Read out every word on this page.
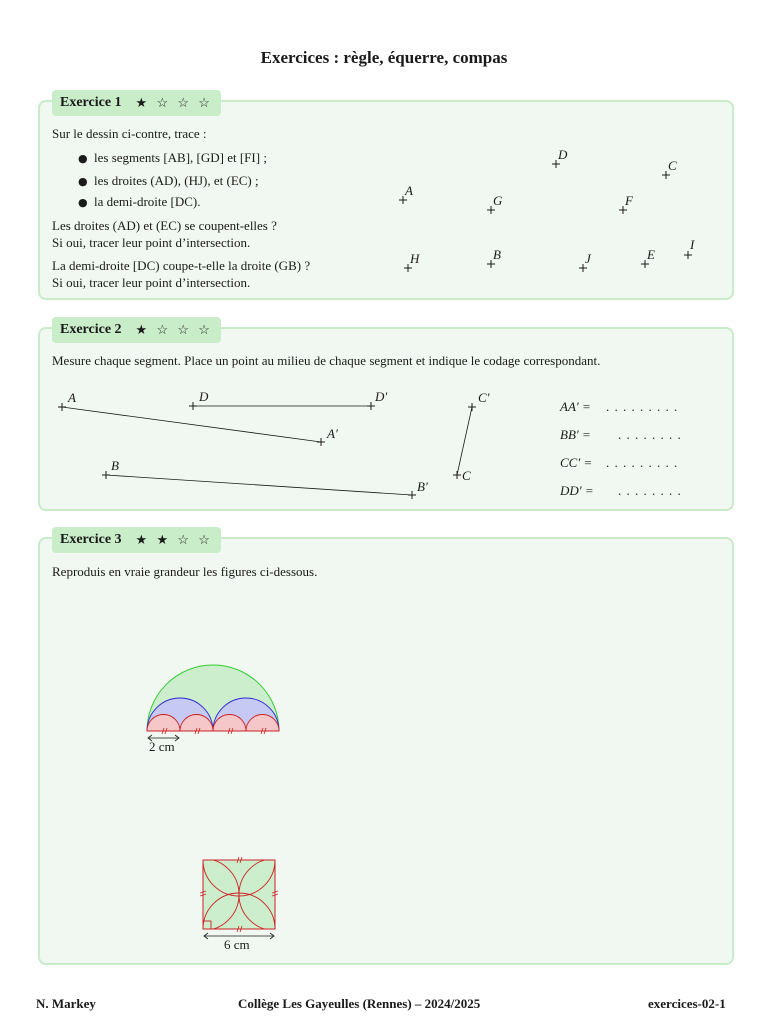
Exercices : règle, équerre, compas
Exercice 1 ★ ☆ ☆ ☆
Sur le dessin ci-contre, trace :
● les segments [AB], [GD] et [FI] ;
● les droites (AD), (HJ), et (EC) ;
● la demi-droite [DC).
Les droites (AD) et (EC) se coupent-elles ?
Si oui, tracer leur point d’intersection.
La demi-droite [DC) coupe-t-elle la droite (GB) ?
Si oui, tracer leur point d’intersection.
D
C
A
G	F
H	B	J	E
I
Exercice 2 ★ ☆ ☆ ☆
Mesure chaque segment. Place un point au milieu de chaque segment et indique le codage correspondant.
A
A′
D	D′
B
B′
C
C′
AA′ = . . . . . . . . .
BB′ = . . . . . . . .
CC′ = . . . . . . . . .
DD′ = . . . . . . . .
Exercice 3 ★ ★ ☆ ☆
Reproduis en vraie grandeur les figures ci-dessous.
2 cm
6 cm
N. Markey	Collège Les Gayeulles (Rennes) – 2024/2025	exercices-02-1
